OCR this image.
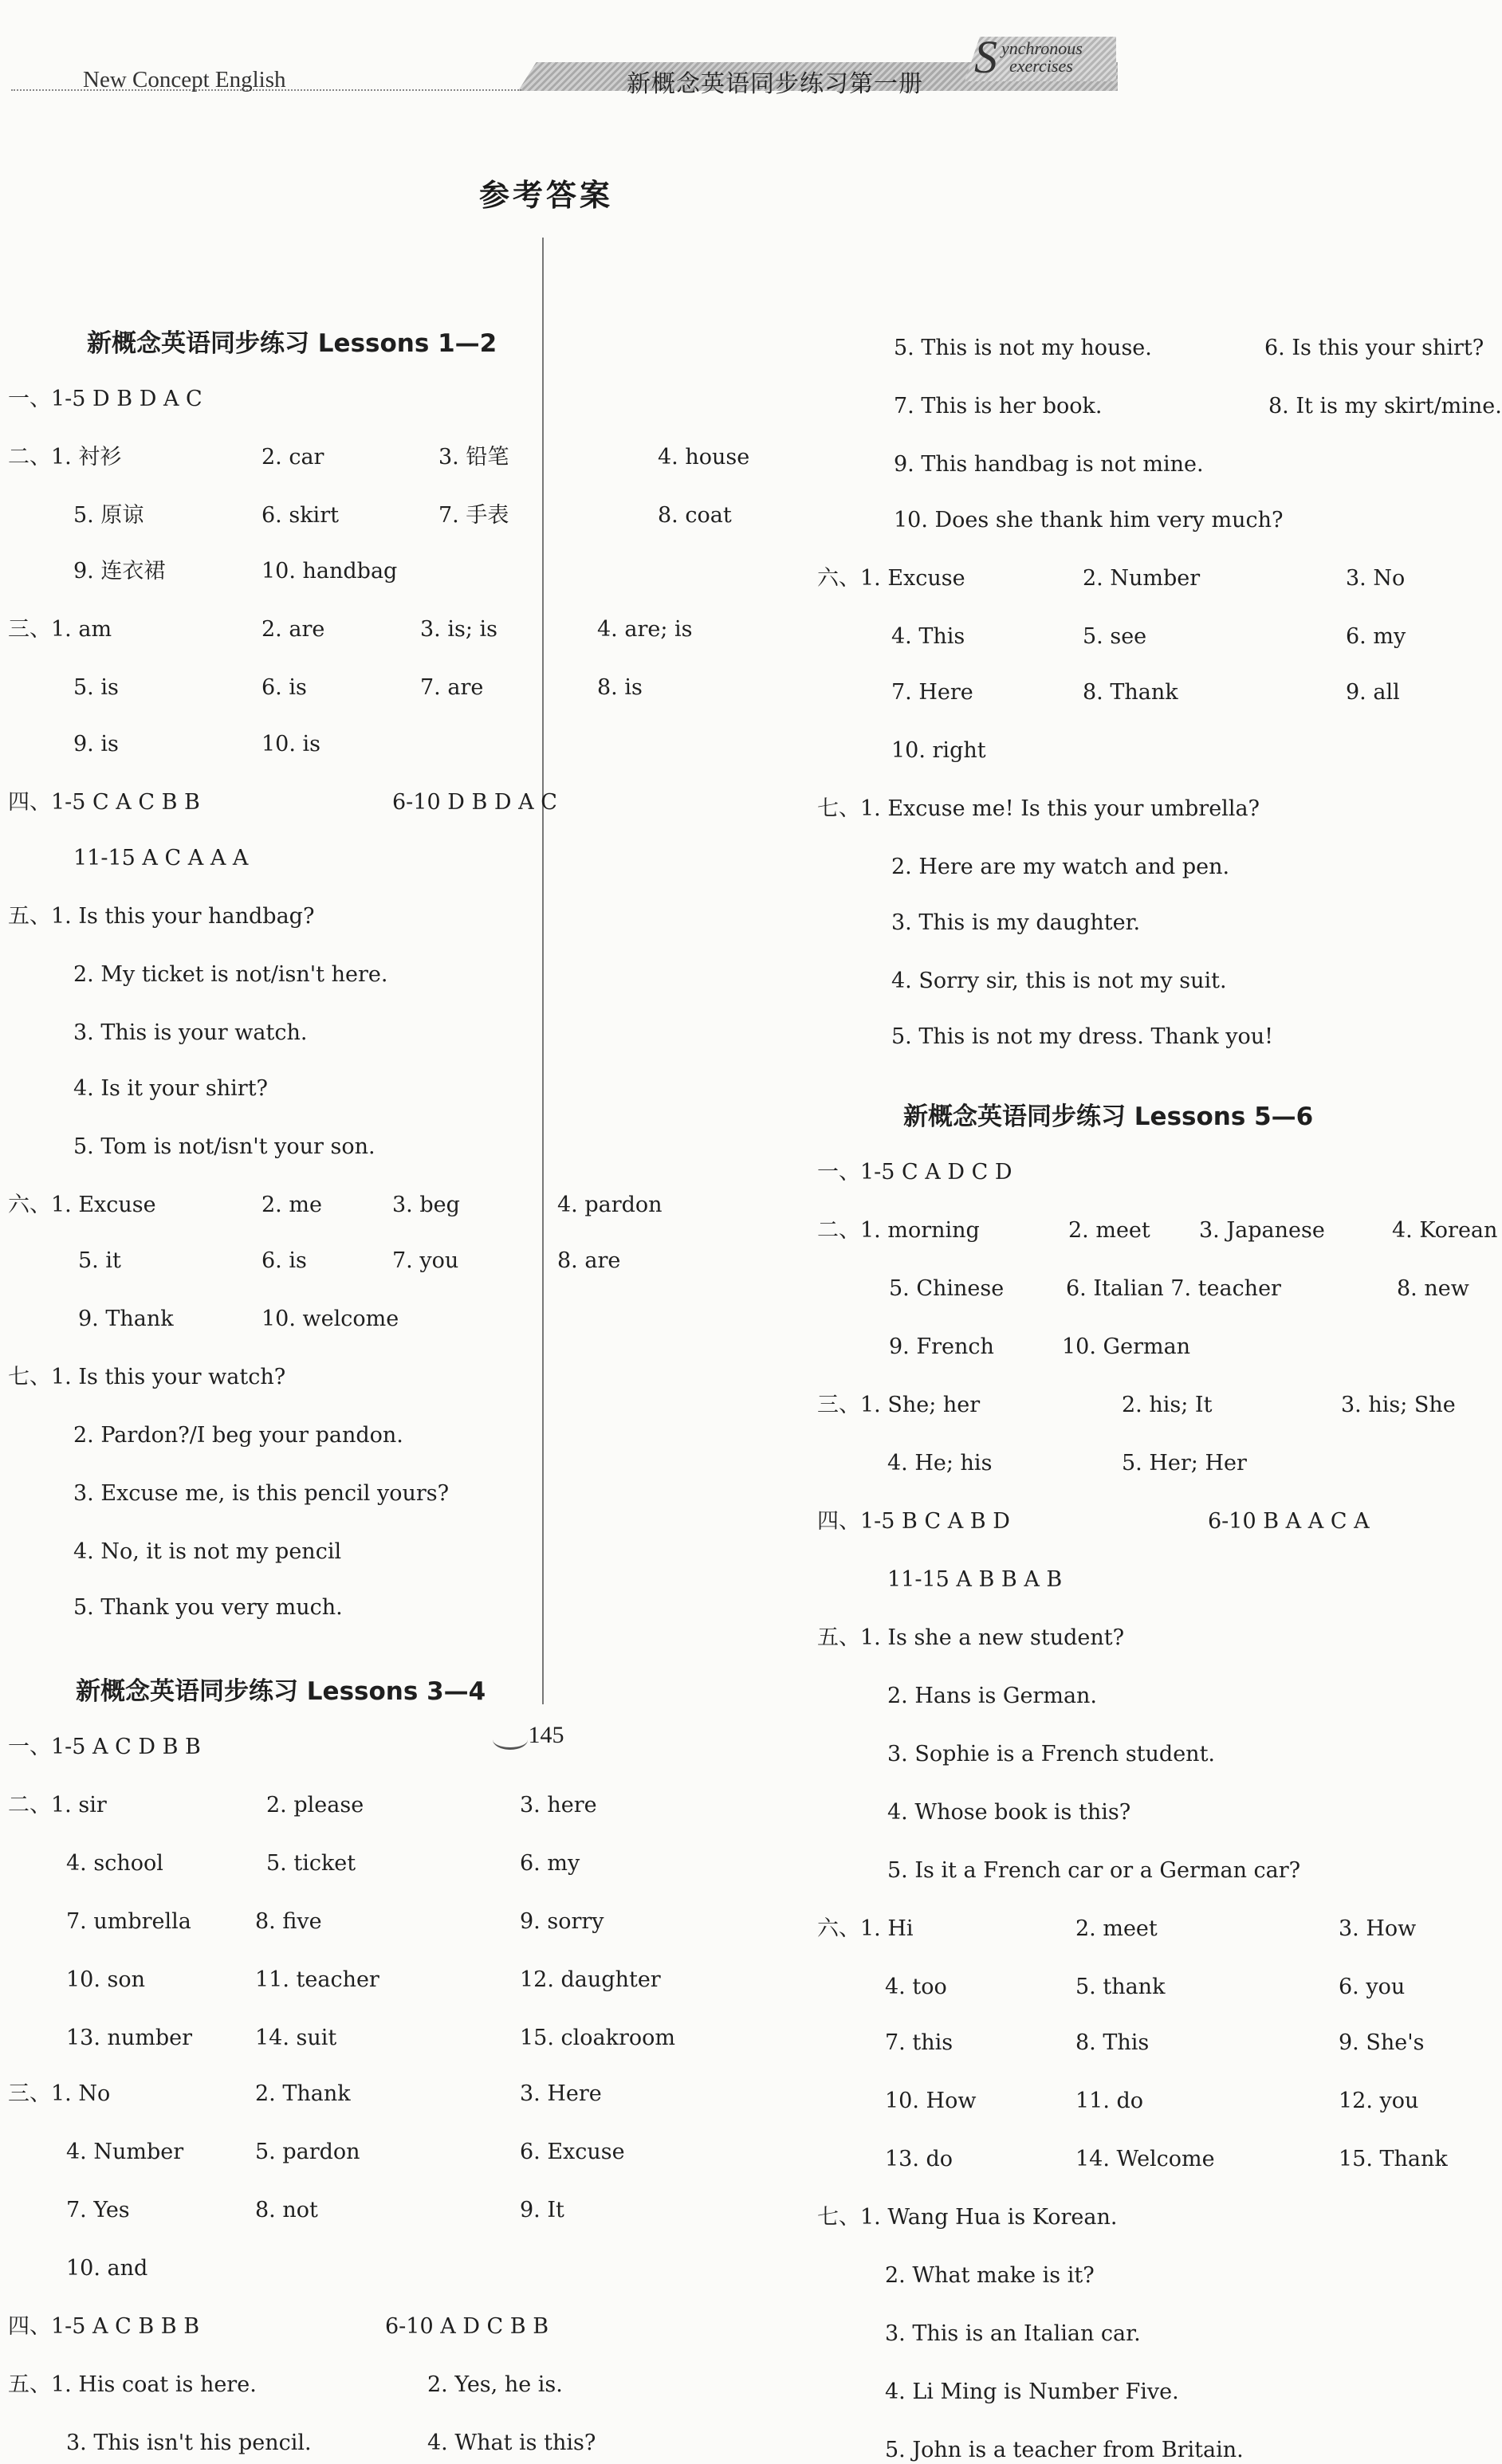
New Concept English	新概念英语同步练习第一册
S ynchronous
exercises
参考答案
新概念英语同步练习 Lessons 1—2
一、1-5 D B D A C
二、1. 衬衫	2. car	3. 铅笔	4. house
5. 原谅	6. skirt	7. 手表	8. coat
9. 连衣裙	10. handbag
三、1. am	2. are	3. is; is	4. are; is
5. is	6. is	7. are	8. is
9. is	10. is
四、1-5 C A C B B	6-10 D B D A C
11-15 A C A A A
五、1. Is this your handbag?
2. My ticket is not/isn't here.
3. This is your watch.
4. Is it your shirt?
5. Tom is not/isn't your son.
六、1. Excuse	2. me	3. beg	4. pardon
5. it	6. is	7. you	8. are
9. Thank	10. welcome
七、1. Is this your watch?
2. Pardon?/I beg your pandon.
3. Excuse me, is this pencil yours?
4. No, it is not my pencil
5. Thank you very much.
新概念英语同步练习 Lessons 3—4
一、1-5 A C D B B
二、1. sir	2. please	3. here
4. school	5. ticket	6. my
7. umbrella	8. five	9. sorry
10. son	11. teacher	12. daughter
13. number	14. suit	15. cloakroom
三、1. No	2. Thank	3. Here
4. Number	5. pardon	6. Excuse
7. Yes	8. not	9. It
10. and
四、1-5 A C B B B	6-10 A D C B B
五、1. His coat is here.	2. Yes, he is.
3. This isn't his pencil.	4. What is this?
5. This is not my house.	6. Is this your shirt?
7. This is her book.	8. It is my skirt/mine.
9. This handbag is not mine.
10. Does she thank him very much?
六、1. Excuse	2. Number	3. No
4. This	5. see	6. my
7. Here	8. Thank	9. all
10. right
七、1. Excuse me! Is this your umbrella?
2. Here are my watch and pen.
3. This is my daughter.
4. Sorry sir, this is not my suit.
5. This is not my dress. Thank you!
新概念英语同步练习 Lessons 5—6
一、1-5 C A D C D
二、1. morning	2. meet 3. Japanese	4. Korean
5. Chinese	6. Italian 7. teacher	8. new
9. French	10. German
三、1. She; her	2. his; It	3. his; She
4. He; his	5. Her; Her
四、1-5 B C A B D	6-10 B A A C A
11-15 A B B A B
五、1. Is she a new student?
2. Hans is German.
3. Sophie is a French student.
4. Whose book is this?
5. Is it a French car or a German car?
六、1. Hi	2. meet	3. How
4. too	5. thank	6. you
7. this	8. This	9. She's
10. How	11. do	12. you
13. do	14. Welcome	15. Thank
七、1. Wang Hua is Korean.
2. What make is it?
3. This is an Italian car.
4. Li Ming is Number Five.
5. John is a teacher from Britain.
145
